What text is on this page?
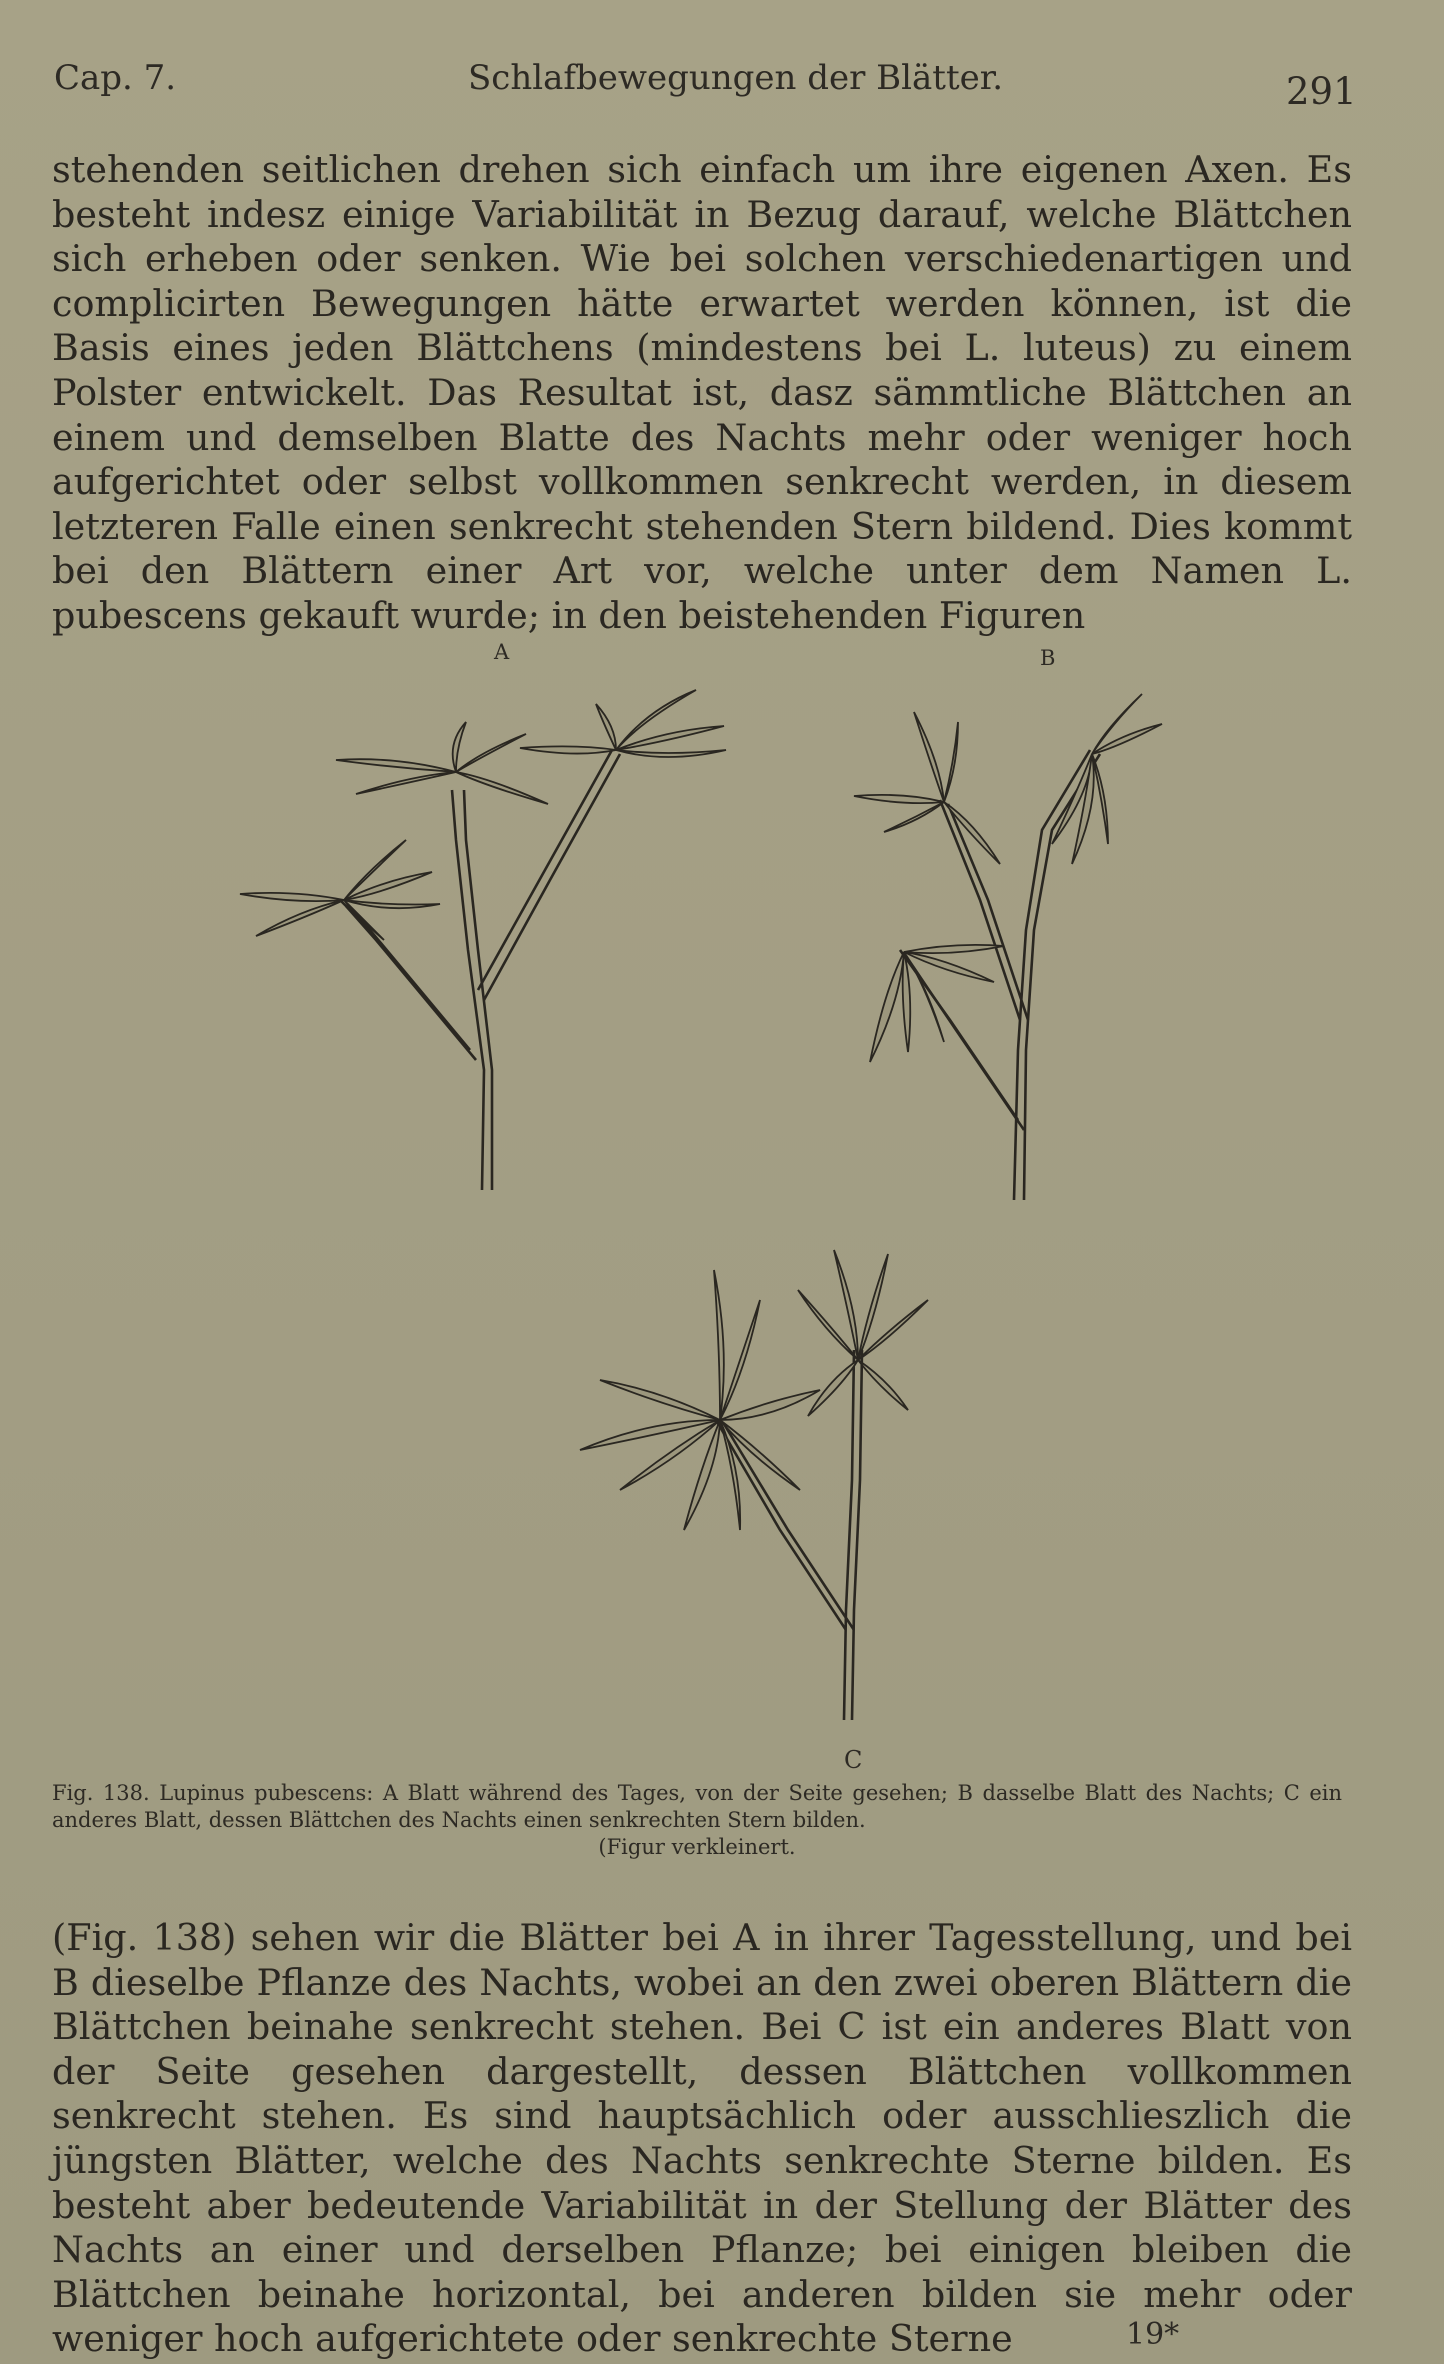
Cap. 7.	Schlafbewegungen der Blätter.	291

stehenden seitlichen drehen sich einfach um ihre eigenen Axen. Es besteht indesz einige Variabilität in Bezug darauf, welche Blättchen sich erheben oder senken. Wie bei solchen verschiedenartigen und complicirten Bewegungen hätte erwartet werden können, ist die Basis eines jeden Blättchens (mindestens bei L. luteus) zu einem Polster entwickelt. Das Resultat ist, dasz sämmtliche Blättchen an einem und demselben Blatte des Nachts mehr oder weniger hoch aufgerichtet oder selbst vollkommen senkrecht werden, in diesem letzteren Falle einen senkrecht stehenden Stern bildend. Dies kommt bei den Blättern einer Art vor, welche unter dem Namen L. pubescens gekauft wurde; in den beistehenden Figuren

A	B
C
Fig. 138. Lupinus pubescens: A Blatt während des Tages, von der Seite gesehen; B dasselbe Blatt des Nachts; C ein anderes Blatt, dessen Blättchen des Nachts einen senkrechten Stern bilden.
(Figur verkleinert.

(Fig. 138) sehen wir die Blätter bei A in ihrer Tagesstellung, und bei B dieselbe Pflanze des Nachts, wobei an den zwei oberen Blättern die Blättchen beinahe senkrecht stehen. Bei C ist ein anderes Blatt von der Seite gesehen dargestellt, dessen Blättchen vollkommen senkrecht stehen. Es sind hauptsächlich oder ausschlieszlich die jüngsten Blätter, welche des Nachts senkrechte Sterne bilden. Es besteht aber bedeutende Variabilität in der Stellung der Blätter des Nachts an einer und derselben Pflanze; bei einigen bleiben die Blättchen beinahe horizontal, bei anderen bilden sie mehr oder weniger hoch aufgerichtete oder senkrechte Sterne	19*
